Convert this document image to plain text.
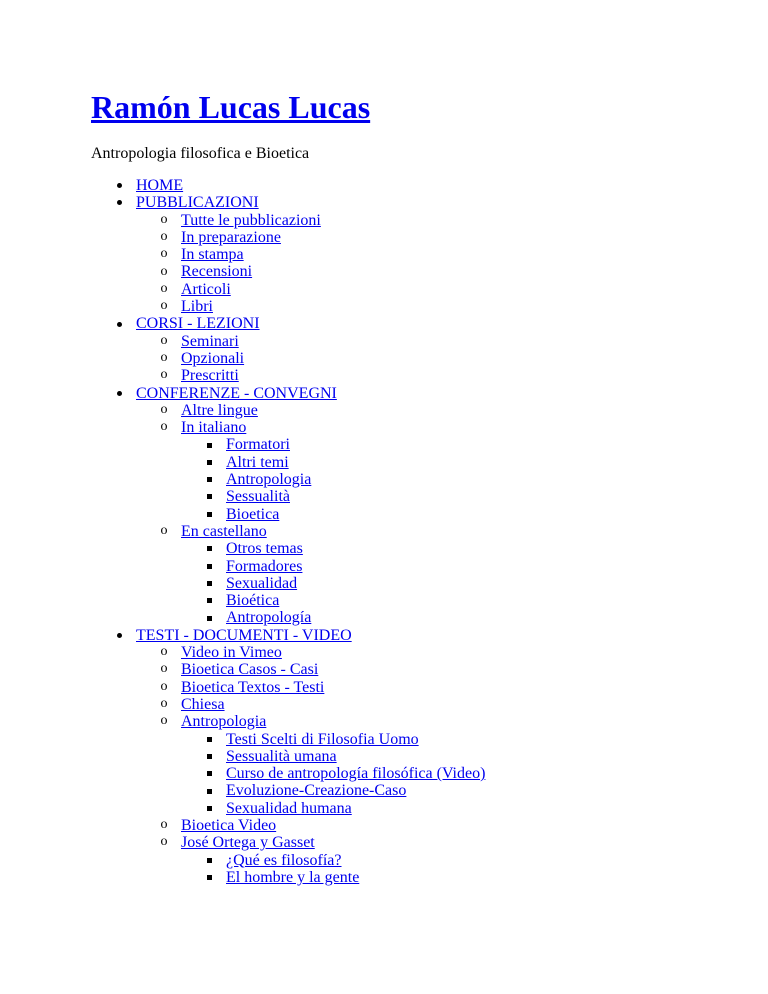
Ramón Lucas Lucas

Antropologia filosofica e Bioetica

HOME
PUBBLICAZIONI
o Tutte le pubblicazioni
o In preparazione
o In stampa
o Recensioni
o Articoli
o Libri
CORSI - LEZIONI
o Seminari
o Opzionali
o Prescritti
CONFERENZE - CONVEGNI
o Altre lingue
o In italiano
Formatori
Altri temi
Antropologia
Sessualità
Bioetica
o En castellano
Otros temas
Formadores
Sexualidad
Bioética
Antropología
TESTI - DOCUMENTI - VIDEO
o Video in Vimeo
o Bioetica Casos - Casi
o Bioetica Textos - Testi
o Chiesa
o Antropologia
Testi Scelti di Filosofia Uomo
Sessualità umana
Curso de antropología filosófica (Video)
Evoluzione-Creazione-Caso
Sexualidad humana
o Bioetica Video
o José Ortega y Gasset
¿Qué es filosofía?
El hombre y la gente
